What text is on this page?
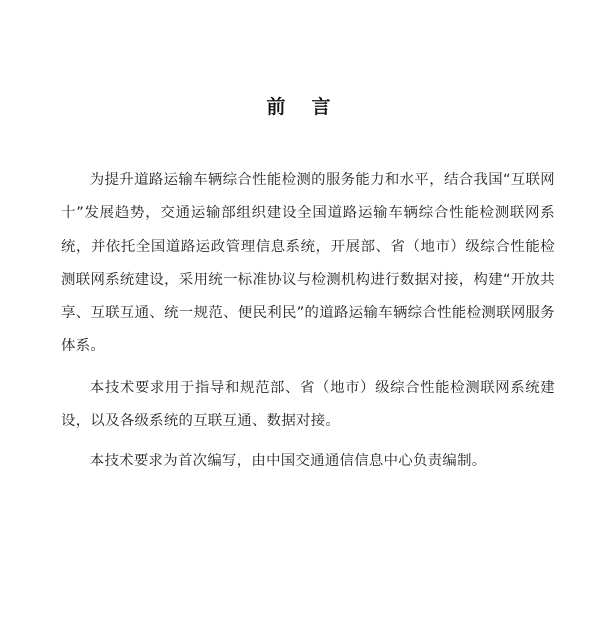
前言
为提升道路运输车辆综合性能检测的服务能力和水平，结合我国“互联网十”发展趋势，交通运输部组织建设全国道路运输车辆综合性能检测联网系统，并依托全国道路运政管理信息系统，开展部、省（地市）级综合性能检测联网系统建设，采用统一标准协议与检测机构进行数据对接，构建“开放共享、互联互通、统一规范、便民利民”的道路运输车辆综合性能检测联网服务体系。
本技术要求用于指导和规范部、省（地市）级综合性能检测联网系统建设，以及各级系统的互联互通、数据对接。
本技术要求为首次编写，由中国交通通信信息中心负责编制。
